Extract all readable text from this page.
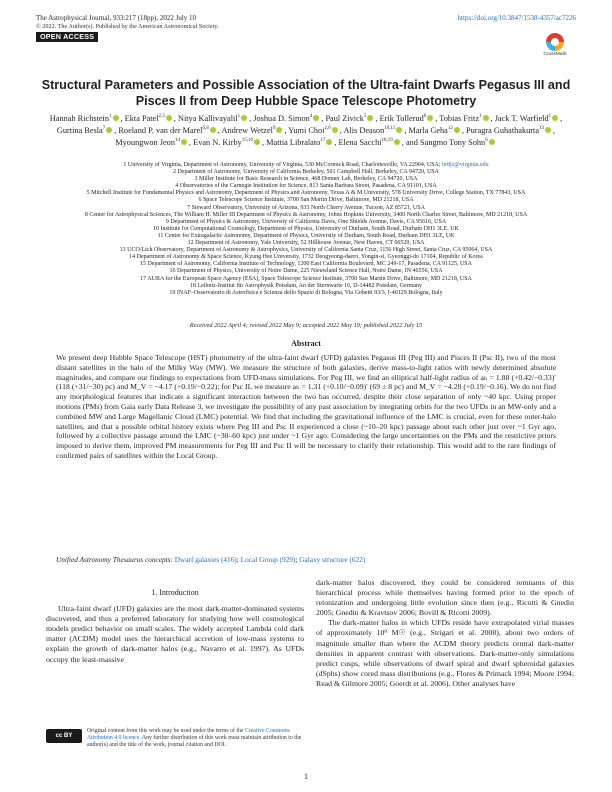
The Astrophysical Journal, 933:217 (18pp), 2022 July 10	https://doi.org/10.3847/1538-4357/ac7226
© 2022. The Author(s). Published by the American Astronomical Society.
OPEN ACCESS
CrossMark
Structural Parameters and Possible Association of the Ultra-faint Dwarfs Pegasus III and Pisces II from Deep Hubble Space Telescope Photometry
Hannah Richstein$^1$ , Ekta Patel$^{2,3}$ , Nitya Kallivayalil$^1$ , Joshua D. Simon$^4$ , Paul Zivick$^5$ , Erik Tollerud$^6$ , Tobias Fritz$^1$ , Jack T. Warfield$^1$ , Gurtina Besla$^7$ , Roeland P. van der Marel$^{6,8}$ , Andrew Wetzel$^9$ , Yumi Choi$^{2,6}$ , Alis Deason$^{10,11}$ , Marla Geha$^{12}$ , Puragra Guhathakurta$^{13}$ , Myoungwon Jeon$^{14}$ , Evan N. Kirby$^{15,16}$ , Mattia Libralato$^{17}$ , Elena Sacchi$^{18,19}$ , and Sangmo Tony Sohn$^6$
1 University of Virginia, Department of Astronomy, University of Virginia, 530 McCormick Road, Charlottesville, VA 22904, USA; hr8jz@virginia.edu
2 Department of Astronomy, University of California Berkeley, 501 Campbell Hall, Berkeley, CA 94720, USA
3 Miller Institute for Basic Research in Science, 468 Donner Lab, Berkeley, CA 94720, USA
4 Observatories of the Carnegie Institution for Science, 813 Santa Barbara Street, Pasadena, CA 91101, USA
5 Mitchell Institute for Fundamental Physics and Astronomy, Department of Physics and Astronomy, Texas A & M University, 578 University Drive, College Station, TX 77843, USA
6 Space Telescope Science Institute, 3700 San Martin Drive, Baltimore, MD 21218, USA
7 Steward Observatory, University of Arizona, 933 North Cherry Avenue, Tucson, AZ 85721, USA
8 Center for Astrophysical Sciences, The William H. Miller III Department of Physics & Astronomy, Johns Hopkins University, 3400 North Charles Street, Baltimore, MD 21218, USA
9 Department of Physics & Astronomy, University of California Davis, One Shields Avenue, Davis, CA 95616, USA
10 Institute for Computational Cosmology, Department of Physics, University of Durham, South Road, Durham DH1 3LE, UK
11 Centre for Extragalactic Astronomy, Department of Physics, University of Durham, South Road, Durham DH1 3LE, UK
12 Department of Astronomy, Yale University, 52 Hillhouse Avenue, New Haven, CT 06520, USA
13 UCO/Lick Observatory, Department of Astronomy & Astrophysics, University of California Santa Cruz, 1156 High Street, Santa Cruz, CA 95064, USA
14 Department of Astronomy & Space Science, Kyung Hee University, 1732 Deogyeong-daero, Yongin-si, Gyeonggi-do 17104, Republic of Korea
15 Department of Astronomy, California Institute of Technology, 1200 East California Boulevard, MC 249-17, Pasadena, CA 91125, USA
16 Department of Physics, University of Notre Dame, 225 Nieuwland Science Hall, Notre Dame, IN 46556, USA
17 AURA for the European Space Agency (ESA), Space Telescope Science Institute, 3700 San Martin Drive, Baltimore, MD 21218, USA
18 Leibniz-Institut für Astrophysik Potsdam, An der Sternwarte 16, D-14482 Potsdam, Germany
19 INAF–Osservatorio di Astrofisica e Scienza dello Spazio di Bologna, Via Gobetti 93/3, I-40129 Bologna, Italy
Received 2022 April 4; revised 2022 May 9; accepted 2022 May 19; published 2022 July 15
Abstract
We present deep Hubble Space Telescope (HST) photometry of the ultra-faint dwarf (UFD) galaxies Pegasus III (Peg III) and Pisces II (Psc II), two of the most distant satellites in the halo of the Milky Way (MW). We measure the structure of both galaxies, derive mass-to-light ratios with newly determined absolute magnitudes, and compare our findings to expectations from UFD-mass simulations. For Peg III, we find an elliptical half-light radius of aₕ = 1.88 (+0.42/−0.33)′ (118 (+31/−30) pc) and M_V = −4.17 (+0.19/−0.22); for Psc II, we measure aₕ = 1.31 (+0.10/−0.09)′ (69 ± 8 pc) and M_V = −4.28 (+0.19/−0.16). We do not find any morphological features that indicate a significant interaction between the two has occurred, despite their close separation of only ~40 kpc. Using proper motions (PMs) from Gaia early Data Release 3, we investigate the possibility of any past association by integrating orbits for the two UFDs in an MW-only and a combined MW and Large Magellanic Cloud (LMC) potential. We find that including the gravitational influence of the LMC is crucial, even for these outer-halo satellites, and that a possible orbital history exists where Peg III and Psc II experienced a close (~10–20 kpc) passage about each other just over ~1 Gyr ago, followed by a collective passage around the LMC (~30–60 kpc) just under ~1 Gyr ago. Considering the large uncertainties on the PMs and the restrictive priors imposed to derive them, improved PM measurements for Peg III and Psc II will be necessary to clarify their relationship. This would add to the rare findings of confirmed pairs of satellites within the Local Group.
Unified Astronomy Thesaurus concepts: Dwarf galaxies (416); Local Group (929); Galaxy structure (622)
1. Introduction

Ultra-faint dwarf (UFD) galaxies are the most dark-matter-dominated systems discovered, and thus a preferred laboratory for studying how well cosmological models predict behavior on small scales. The widely accepted Lambda cold dark matter (ΛCDM) model uses the hierarchical accretion of low-mass systems to explain the growth of dark-matter halos (e.g., Navarro et al. 1997). As UFDs occupy the least-massive

dark-matter halos discovered, they could be considered remnants of this hierarchical process while themselves having formed prior to the epoch of reionization and undergoing little evolution since then (e.g., Ricotti & Gnedin 2005; Gnedin & Kravtsov 2006; Bovill & Ricotti 2009).

The dark-matter halos in which UFDs reside have extrapolated virial masses of approximately 10⁹ M☉ (e.g., Strigari et al. 2008), about two orders of magnitude smaller than where the ΛCDM theory predicts central dark-matter densities in apparent contrast with observations. Dark-matter-only simulations predict cusps, while observations of dwarf spiral and dwarf spheroidal galaxies (dSphs) show cored mass distributions (e.g., Flores & Primack 1994; Moore 1994; Read & Gilmore 2005; Goerdt et al. 2006). Other analyses have

cc BY
Original content from this work may be used under the terms of the Creative Commons Attribution 4.0 licence. Any further distribution of this work must maintain attribution to the author(s) and the title of the work, journal citation and DOI.
1
